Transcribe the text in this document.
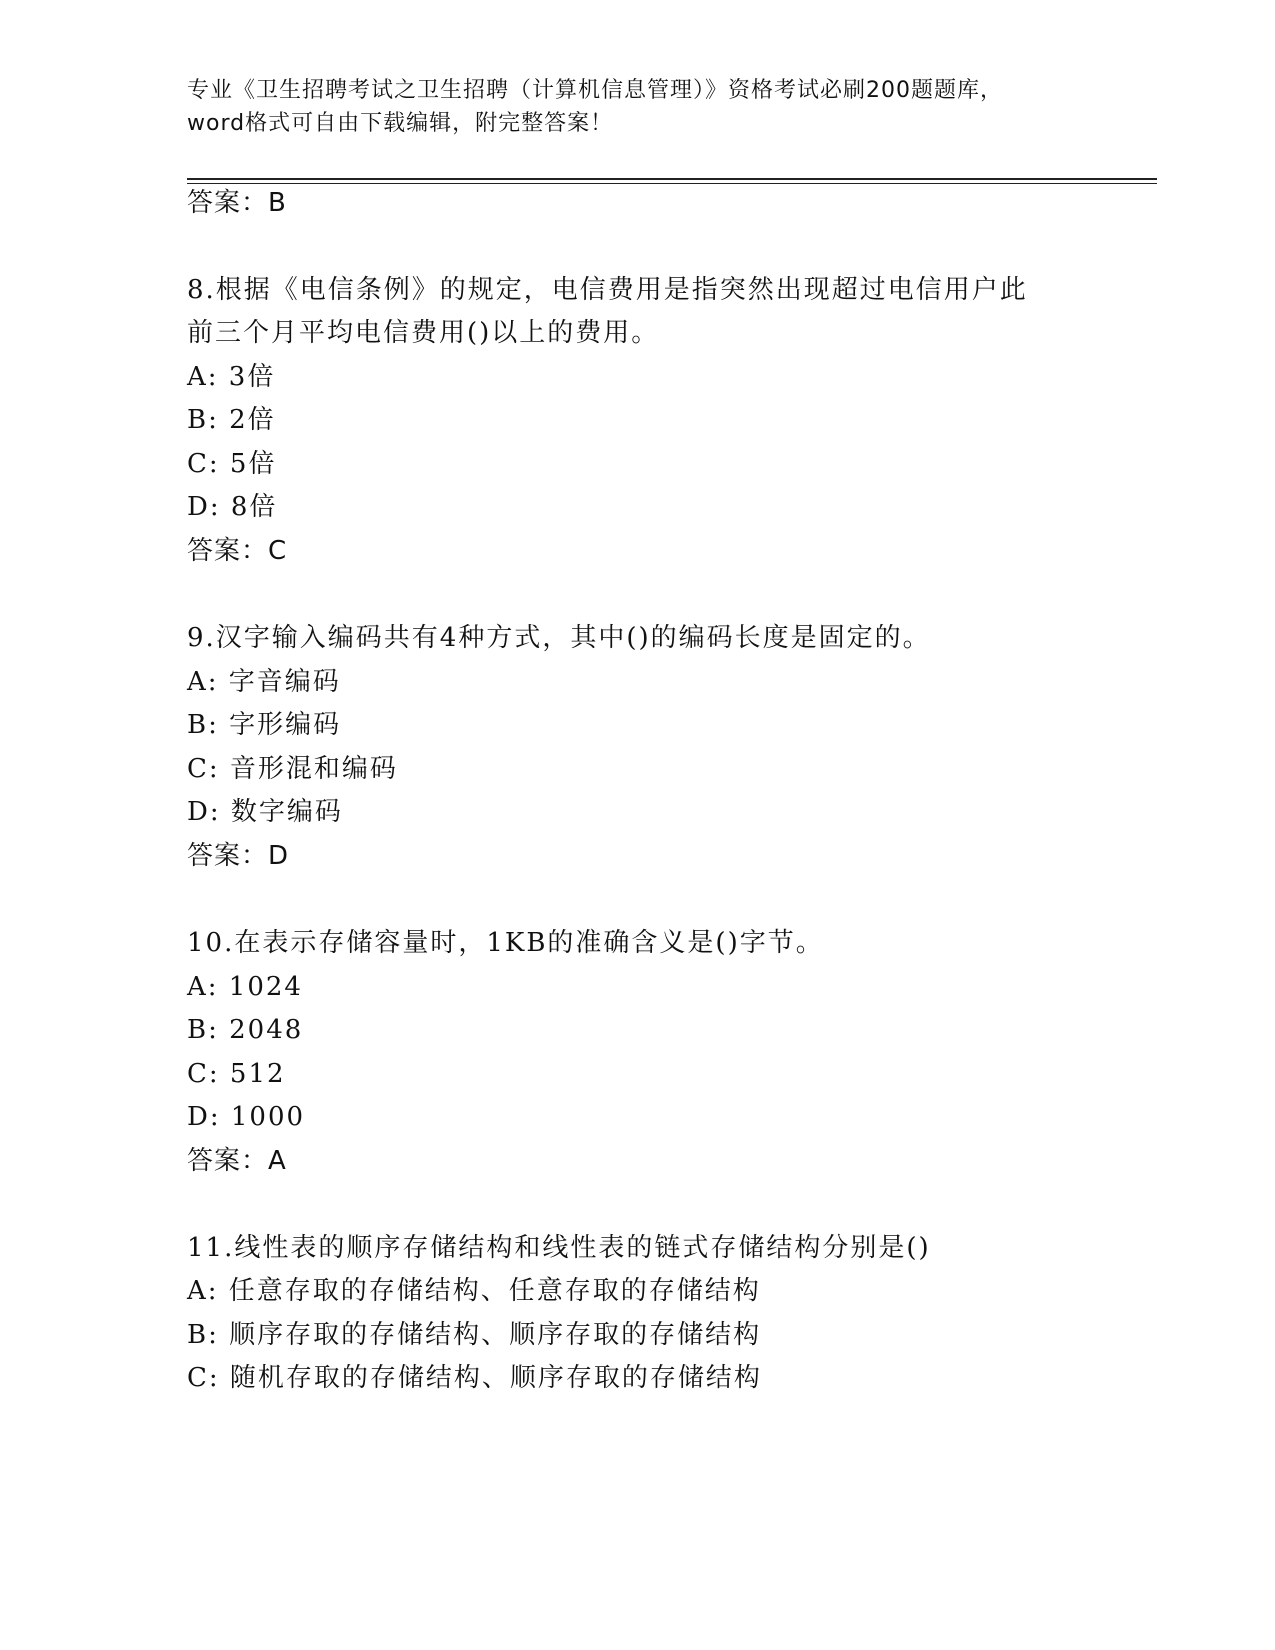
专业《卫生招聘考试之卫生招聘（计算机信息管理）》资格考试必刷200题题库，
word格式可自由下载编辑，附完整答案！
答案：B
8.根据《电信条例》的规定，电信费用是指突然出现超过电信用户此
前三个月平均电信费用()以上的费用。
A: 3倍
B: 2倍
C: 5倍
D: 8倍
答案：C
9.汉字输入编码共有4种方式，其中()的编码长度是固定的。
A: 字音编码
B: 字形编码
C: 音形混和编码
D: 数字编码
答案：D
10.在表示存储容量时，1KB的准确含义是()字节。
A: 1024
B: 2048
C: 512
D: 1000
答案：A
11.线性表的顺序存储结构和线性表的链式存储结构分别是()
A: 任意存取的存储结构、任意存取的存储结构
B: 顺序存取的存储结构、顺序存取的存储结构
C: 随机存取的存储结构、顺序存取的存储结构
